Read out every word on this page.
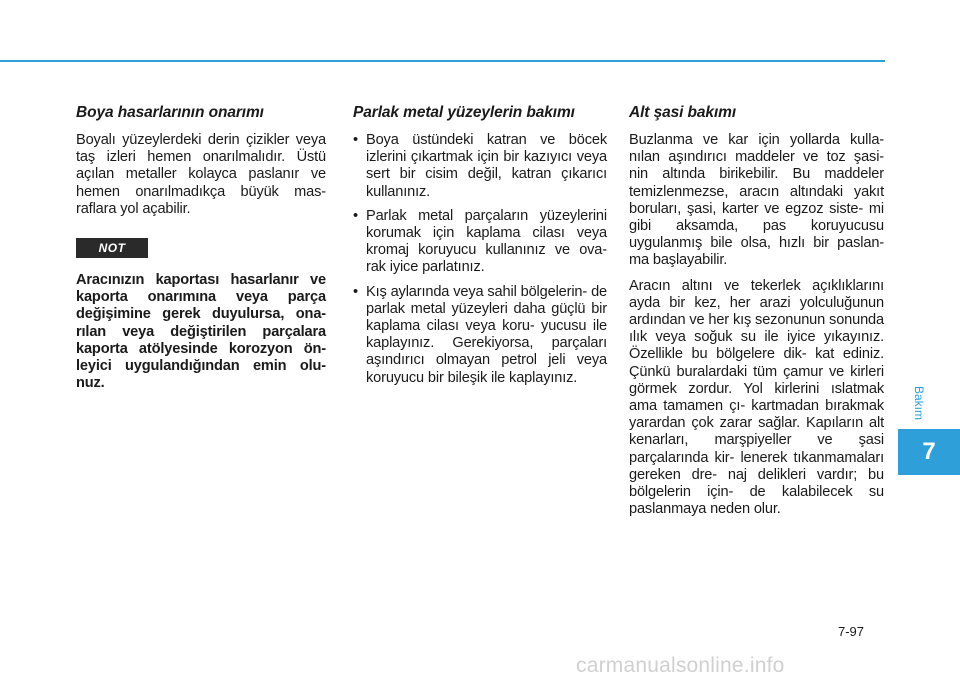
Boya hasarlarının onarımı

Boyalı yüzeylerdeki derin çizikler veya taş izleri hemen onarılmalıdır. Üstü açılan metaller kolayca paslanır ve hemen onarılmadıkça büyük mas- raflara yol açabilir.

NOT

Aracınızın kaportası hasarlanır ve kaporta onarımına veya parça değişimine gerek duyulursa, ona- rılan veya değiştirilen parçalara kaporta atölyesinde korozyon ön- leyici uygulandığından emin olu- nuz.

Parlak metal yüzeylerin bakımı
• Boya üstündeki katran ve böcek izlerini çıkartmak için bir kazıyıcı veya sert bir cisim değil, katran çıkarıcı kullanınız.
• Parlak metal parçaların yüzeylerini korumak için kaplama cilası veya kromaj koruyucu kullanınız ve ova- rak iyice parlatınız.
• Kış aylarında veya sahil bölgelerin- de parlak metal yüzeyleri daha güçlü bir kaplama cilası veya koru- yucusu ile kaplayınız. Gerekiyorsa, parçaları aşındırıcı olmayan petrol jeli veya koruyucu bir bileşik ile kaplayınız.
Alt şasi bakımı

Buzlanma ve kar için yollarda kulla- nılan aşındırıcı maddeler ve toz şasi- nin altında birikebilir. Bu maddeler temizlenmezse, aracın altındaki yakıt boruları, şasi, karter ve egzoz siste- mi gibi aksamda, pas koruyucusu uygulanmış bile olsa, hızlı bir paslan- ma başlayabilir.

Aracın altını ve tekerlek açıklıklarını ayda bir kez, her arazi yolculuğunun ardından ve her kış sezonunun sonunda ılık veya soğuk su ile iyice yıkayınız. Özellikle bu bölgelere dik- kat ediniz. Çünkü buralardaki tüm çamur ve kirleri görmek zordur. Yol kirlerini ıslatmak ama tamamen çı- kartmadan bırakmak yarardan çok zarar sağlar. Kapıların alt kenarları, marşpiyeller ve şasi parçalarında kir- lenerek tıkanmamaları gereken dre- naj delikleri vardır; bu bölgelerin için- de kalabilecek su paslanmaya neden olur.

Bakım
7
7-97
carmanualsonline.info
